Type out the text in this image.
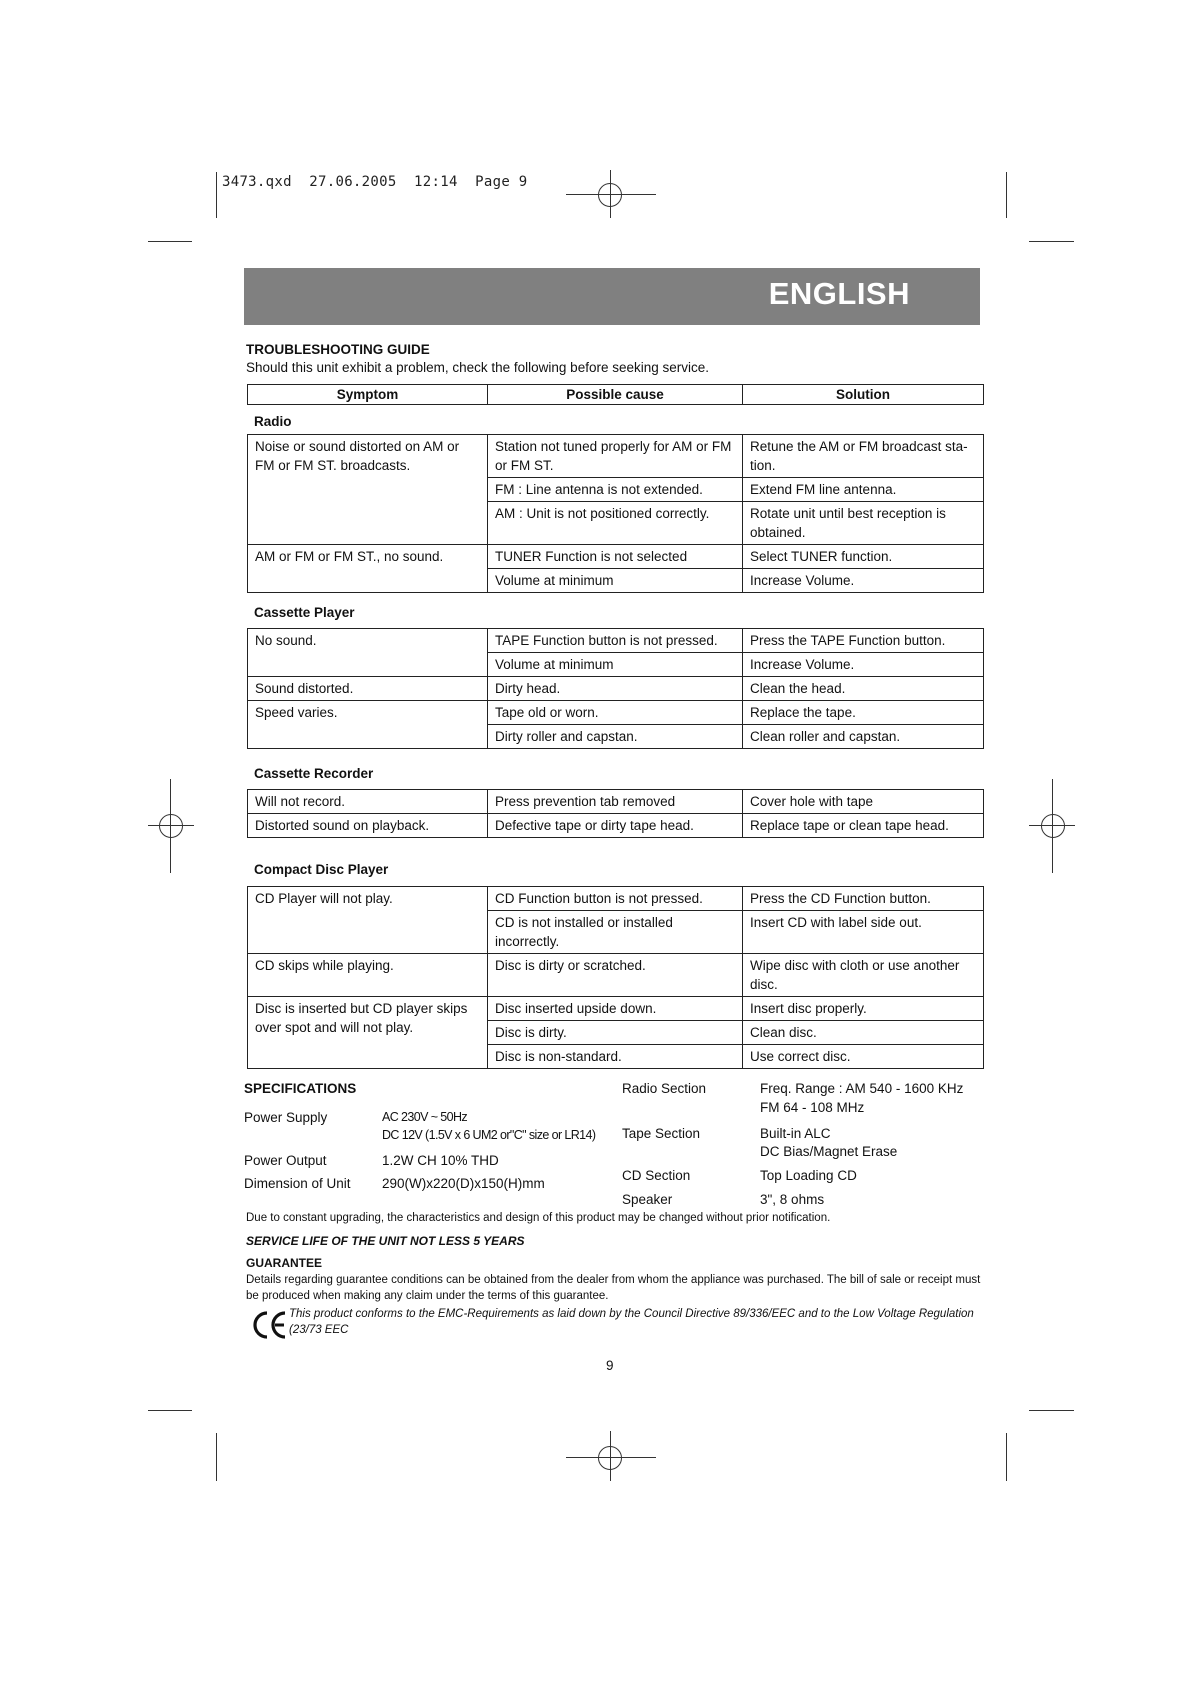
3473.qxd  27.06.2005  12:14  Page 9
ENGLISH
TROUBLESHOOTING GUIDE
Should this unit exhibit a problem, check the following before seeking service.
Symptom	Possible cause	Solution
Radio
Noise or sound distorted on AM or FM or FM ST. broadcasts.	Station not tuned properly for AM or FM or FM ST.	Retune the AM or FM broadcast sta-tion.
	FM : Line antenna is not extended.	Extend FM line antenna.
	AM : Unit is not positioned correctly.	Rotate unit until best reception is obtained.
AM or FM or FM ST., no sound.	TUNER Function is not selected	Select TUNER function.
	Volume at minimum	Increase Volume.
Cassette Player
No sound.	TAPE Function button is not pressed.	Press the TAPE Function button.
	Volume at minimum	Increase Volume.
Sound distorted.	Dirty head.	Clean the head.
Speed varies.	Tape old or worn.	Replace the tape.
	Dirty roller and capstan.	Clean roller and capstan.
Cassette Recorder
Will not record.	Press prevention tab removed	Cover hole with tape
Distorted sound on playback.	Defective tape or dirty tape head.	Replace tape or clean tape head.
Compact Disc Player
CD Player will not play.	CD Function button is not pressed.	Press the CD Function button.
	CD is not installed or installed incorrectly.	Insert CD with label side out.
CD skips while playing.	Disc is dirty or scratched.	Wipe disc with cloth or use another disc.
Disc is inserted but CD player skips over spot and will not play.	Disc inserted upside down.	Insert disc properly.
	Disc is dirty.	Clean disc.
	Disc is non-standard.	Use correct disc.
SPECIFICATIONS
Power Supply	AC 230V ~ 50Hz
DC 12V (1.5V x 6 UM2 or"C" size or LR14)
Power Output	1.2W CH 10% THD
Dimension of Unit 290(W)x220(D)x150(H)mm
Radio Section	Freq. Range : AM 540 - 1600 KHz
FM 64 - 108 MHz
Tape Section	Built-in ALC
DC Bias/Magnet Erase
CD Section	Top Loading CD
Speaker	3", 8 ohms
Due to constant upgrading, the characteristics and design of this product may be changed without prior notification.
SERVICE LIFE OF THE UNIT NOT LESS 5 YEARS
GUARANTEE
Details regarding guarantee conditions can be obtained from the dealer from whom the appliance was purchased. The bill of sale or receipt must be produced when making any claim under the terms of this guarantee.
This product conforms to the EMC-Requirements as laid down by the Council Directive 89/336/EEC and to the Low Voltage Regulation (23/73 EEC
9
